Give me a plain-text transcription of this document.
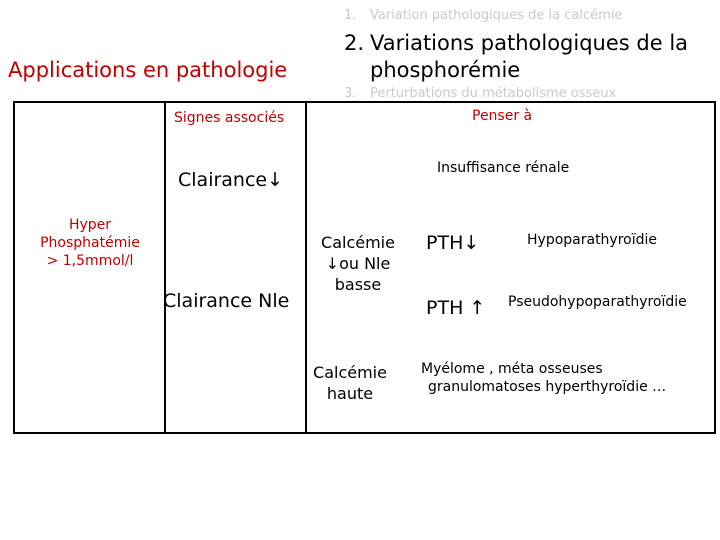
Applications en pathologie
1. Variation pathologiques de la calcémie
2. Variations pathologiques de la
phosphorémie
3. Perturbations du métabolisme osseux
Signes associés	Penser à
Hyper
Phosphatémie
> 1,5mmol/l
Clairance↓
Clairance Nle
Insuffisance rénale
Calcémie
↓ou Nle
basse
Calcémie
haute
PTH↓
PTH ↑
Hypoparathyroïdie
Pseudohypoparathyroïdie
Myélome , méta osseuses
granulomatoses hyperthyroïdie …
